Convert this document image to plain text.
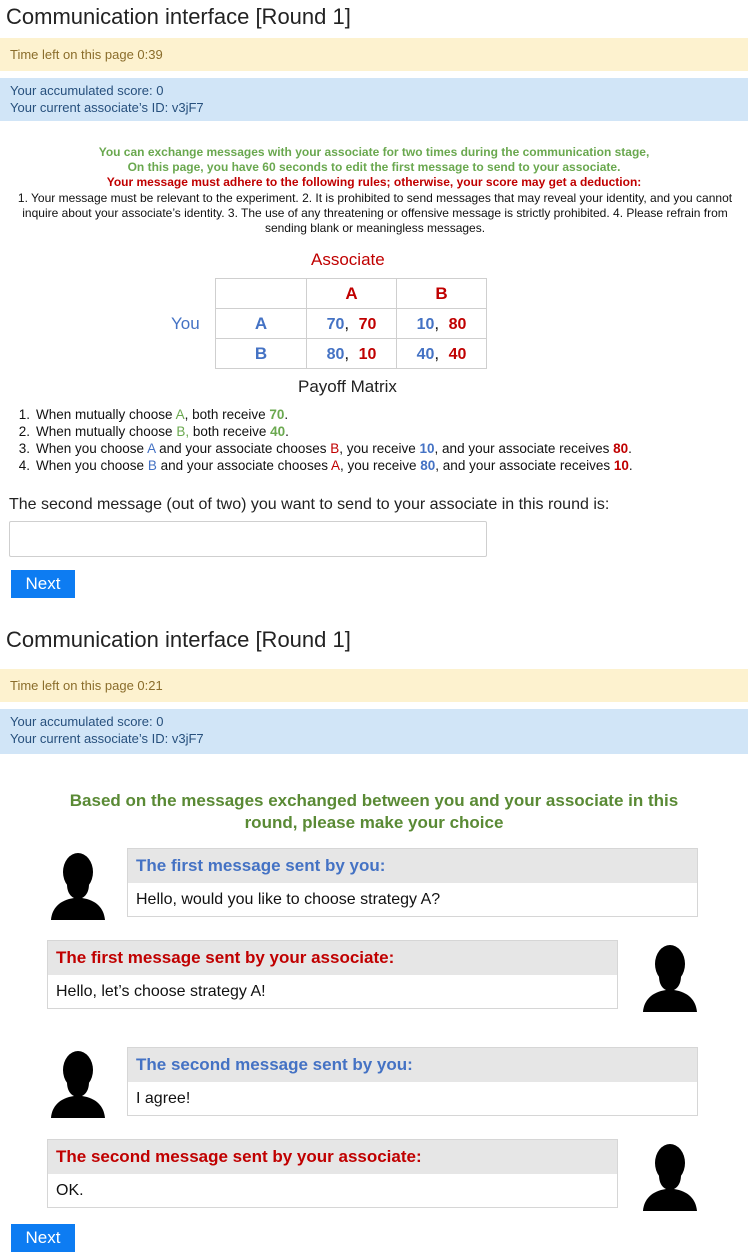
Communication interface [Round 1]
Time left on this page 0:39
Your accumulated score: 0
Your current associate’s ID: v3jF7
You can exchange messages with your associate for two times during the communication stage,
On this page, you have 60 seconds to edit the first message to send to your associate.
Your message must adhere to the following rules; otherwise, your score may get a deduction:
1. Your message must be relevant to the experiment. 2. It is prohibited to send messages that may reveal your identity, and you cannot inquire about your associate’s identity. 3. The use of any threatening or offensive message is strictly prohibited. 4. Please refrain from sending blank or meaningless messages.
Associate
You
	A	B
A	70, 70	10, 80
B	80, 10	40, 40
Payoff Matrix
1. When mutually choose A, both receive 70.
2. When mutually choose B, both receive 40.
3. When you choose A and your associate chooses B, you receive 10, and your associate receives 80.
4. When you choose B and your associate chooses A, you receive 80, and your associate receives 10.
The second message (out of two) you want to send to your associate in this round is:
Next
Communication interface [Round 1]
Time left on this page 0:21
Your accumulated score: 0
Your current associate’s ID: v3jF7
Based on the messages exchanged between you and your associate in this
round, please make your choice
The first message sent by you:
Hello, would you like to choose strategy A?
The first message sent by your associate:
Hello, let’s choose strategy A!
The second message sent by you:
I agree!
The second message sent by your associate:
OK.
Next
